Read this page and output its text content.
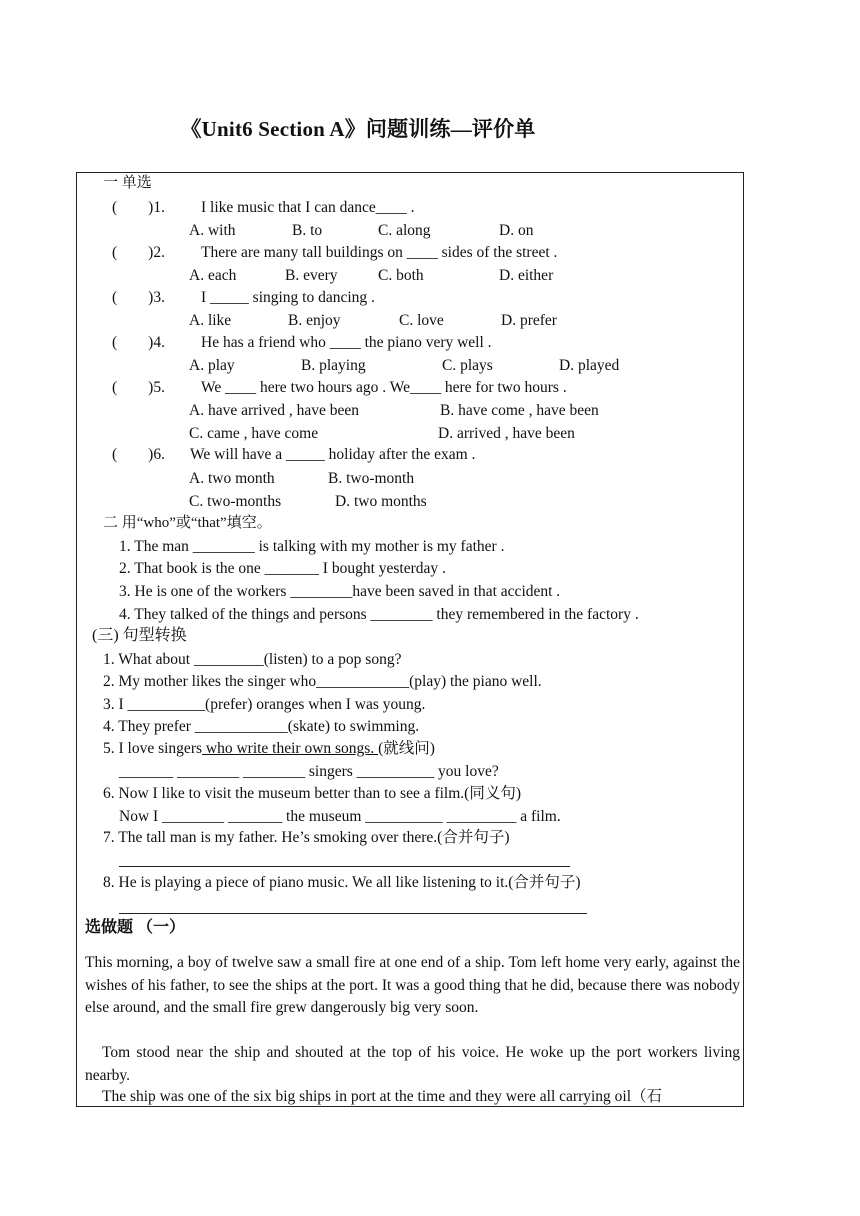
《Unit6 Section A》问题训练—评价单
一 单选
(　　)1. I like music that I can dance____ .
A. with	B. to	C. along	D. on
(　　)2. There are many tall buildings on ____ sides of the street .
A. each	B. every	C. both	D. either
(　　)3. I _____ singing to dancing .
A. like	B. enjoy	C. love	D. prefer
(　　)4. He has a friend who ____ the piano very well .
A. play	B. playing	C. plays	D. played
(　　)5. We ____ here two hours ago . We____ here for two hours .
A. have arrived , have been	B. have come , have been
C. came , have come	D. arrived , have been
(　　)6. We will have a _____ holiday after the exam .
A. two month	B. two-month
C. two-months	D. two months
二 用“who”或“that”填空。
1. The man ________ is talking with my mother is my father .
2. That book is the one _______ I bought yesterday .
3. He is one of the workers ________have been saved in that accident .
4. They talked of the things and persons ________ they remembered in the factory .
(三) 句型转换
1. What about _________(listen) to a pop song?
2. My mother likes the singer who____________(play) the piano well.
3. I __________(prefer) oranges when I was young.
4. They prefer ____________(skate) to swimming.
5. I love singers who write their own songs. (就线问)
_______ ________ ________ singers __________ you love?
6. Now I like to visit the museum better than to see a film.(同义句)
Now I ________ _______ the museum __________ _________ a film.
7. The tall man is my father. He’s smoking over there.(合并句子)
8. He is playing a piece of piano music. We all like listening to it.(合并句子)
选做题 （一）
This morning, a boy of twelve saw a small fire at one end of a ship. Tom left home very early, against the wishes of his father, to see the ships at the port. It was a good thing that he did, because there was nobody else around, and the small fire grew dangerously big very soon.
Tom stood near the ship and shouted at the top of his voice. He woke up the port workers living nearby.
The ship was one of the six big ships in port at the time and they were all carrying oil（石
